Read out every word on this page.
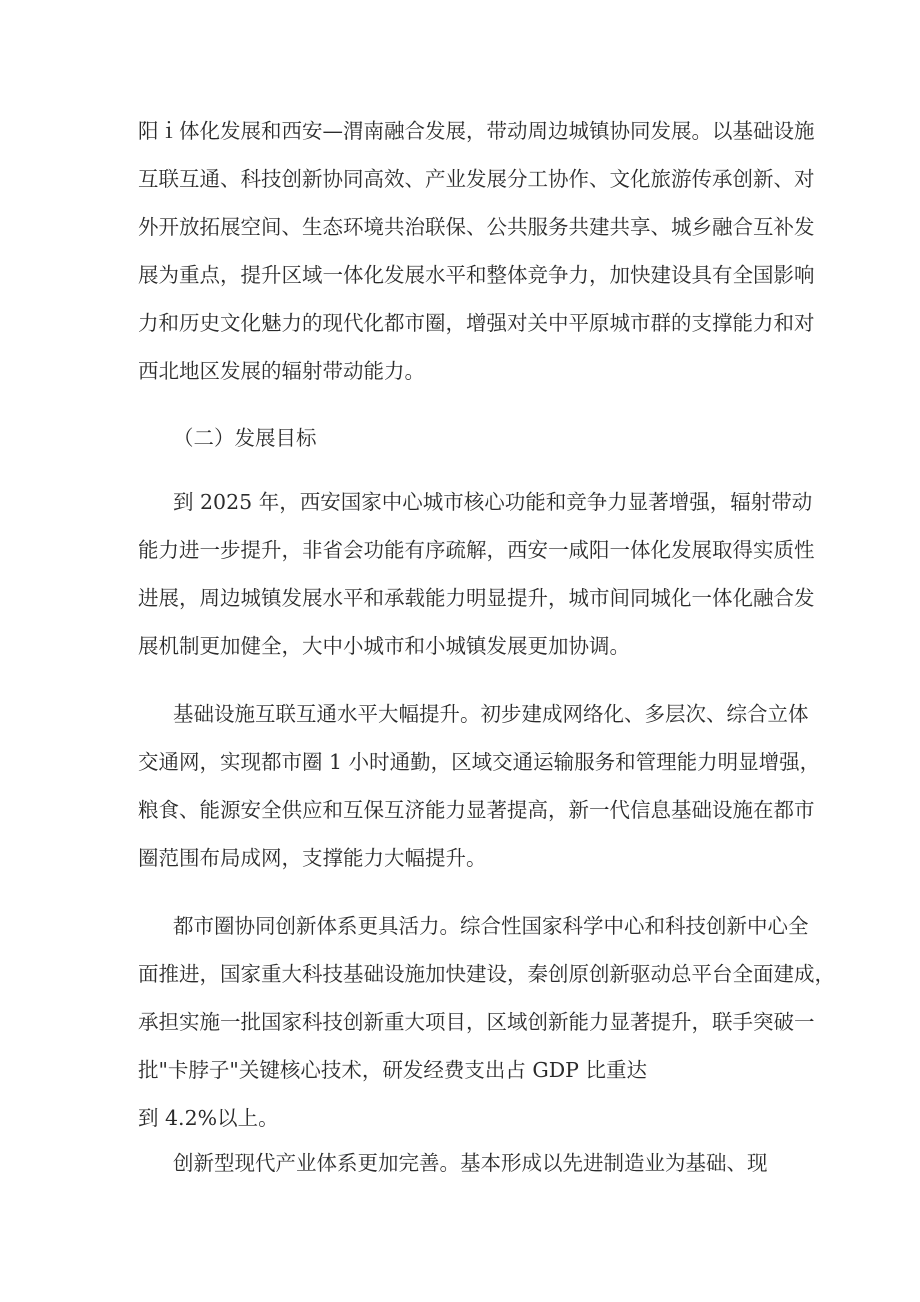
阳ｉ体化发展和西安—渭南融合发展，带动周边城镇协同发展。以基础设施
互联互通、科技创新协同高效、产业发展分工协作、文化旅游传承创新、对
外开放拓展空间、生态环境共治联保、公共服务共建共享、城乡融合互补发
展为重点，提升区域一体化发展水平和整体竞争力，加快建设具有全国影响
力和历史文化魅力的现代化都市圈，增强对关中平原城市群的支撑能力和对
西北地区发展的辐射带动能力。
（二）发展目标
到 2025 年，西安国家中心城市核心功能和竞争力显著增强，辐射带动
能力进一步提升，非省会功能有序疏解，西安一咸阳一体化发展取得实质性
进展，周边城镇发展水平和承载能力明显提升，城市间同城化一体化融合发
展机制更加健全，大中小城市和小城镇发展更加协调。
基础设施互联互通水平大幅提升。初步建成网络化、多层次、综合立体
交通网，实现都市圈 1 小时通勤，区域交通运输服务和管理能力明显增强，
粮食、能源安全供应和互保互济能力显著提高，新一代信息基础设施在都市
圈范围布局成网，支撑能力大幅提升。
都市圈协同创新体系更具活力。综合性国家科学中心和科技创新中心全
面推进，国家重大科技基础设施加快建设，秦创原创新驱动总平台全面建成，
承担实施一批国家科技创新重大项目，区域创新能力显著提升，联手突破一
批"卡脖子"关键核心技术，研发经费支出占 GDP 比重达
到 4.2%以上。
创新型现代产业体系更加完善。基本形成以先进制造业为基础、现
